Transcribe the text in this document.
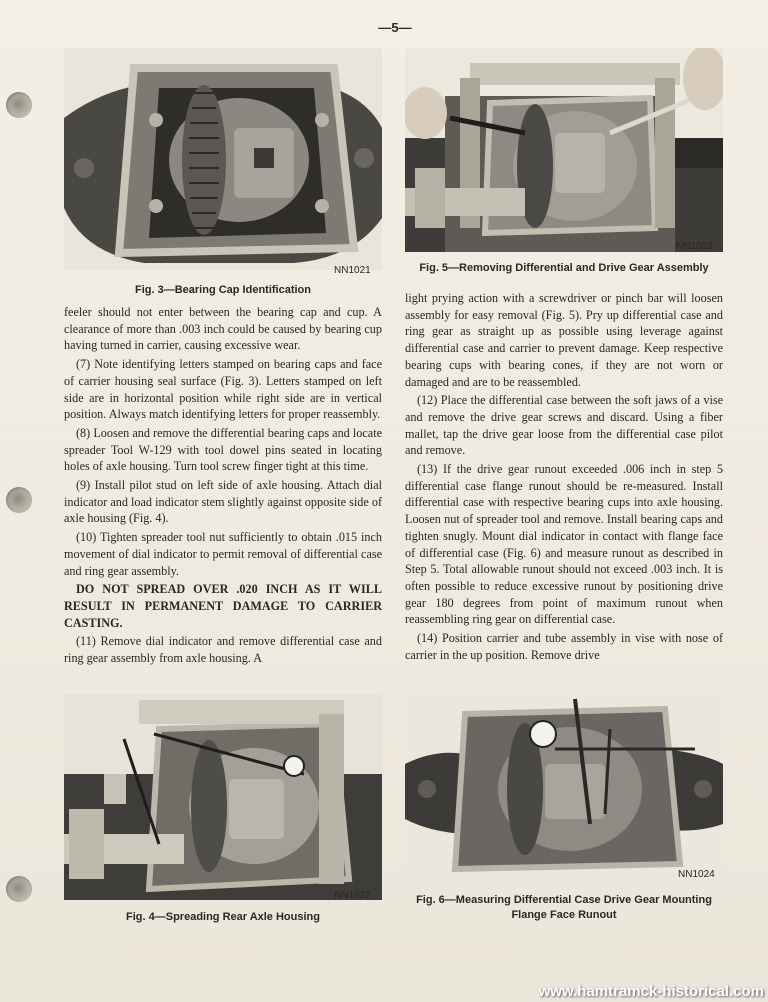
—5—
NN1021
Fig. 3—Bearing Cap Identification
NN1023
Fig. 5—Removing Differential and Drive Gear Assembly

feeler should not enter between the bearing cap and cup. A clearance of more than .003 inch could be caused by bearing cup having turned in carrier, causing excessive wear.

(7) Note identifying letters stamped on bearing caps and face of carrier housing seal surface (Fig. 3). Letters stamped on left side are in horizontal position while right side are in vertical position. Always match identifying letters for proper reassembly.

(8) Loosen and remove the differential bearing caps and locate spreader Tool W-129 with tool dowel pins seated in locating holes of axle housing. Turn tool screw finger tight at this time.

(9) Install pilot stud on left side of axle housing. Attach dial indicator and load indicator stem slightly against opposite side of axle housing (Fig. 4).

(10) Tighten spreader tool nut sufficiently to obtain .015 inch movement of dial indicator to permit removal of differential case and ring gear assembly.

DO NOT SPREAD OVER .020 INCH AS IT WILL RESULT IN PERMANENT DAMAGE TO CARRIER CASTING.

(11) Remove dial indicator and remove differential case and ring gear assembly from axle housing. A

light prying action with a screwdriver or pinch bar will loosen assembly for easy removal (Fig. 5). Pry up differential case and ring gear as straight up as possible using leverage against differential case and carrier to prevent damage. Keep respective bearing cups with bearing cones, if they are not worn or damaged and are to be reassembled.

(12) Place the differential case between the soft jaws of a vise and remove the drive gear screws and discard. Using a fiber mallet, tap the drive gear loose from the differential case pilot and remove.

(13) If the drive gear runout exceeded .006 inch in step 5 differential case flange runout should be re-measured. Install differential case with respective bearing cups into axle housing. Loosen nut of spreader tool and remove. Install bearing caps and tighten snugly. Mount dial indicator in contact with flange face of differential case (Fig. 6) and measure runout as described in Step 5. Total allowable runout should not exceed .003 inch. It is often possible to reduce excessive runout by positioning drive gear 180 degrees from point of maximum runout when reassembling ring gear on differential case.

(14) Position carrier and tube assembly in vise with nose of carrier in the up position. Remove drive

NN1022
Fig. 4—Spreading Rear Axle Housing
NN1024
Fig. 6—Measuring Differential Case Drive Gear Mounting
Flange Face Runout
www.hamtramck-historical.com
